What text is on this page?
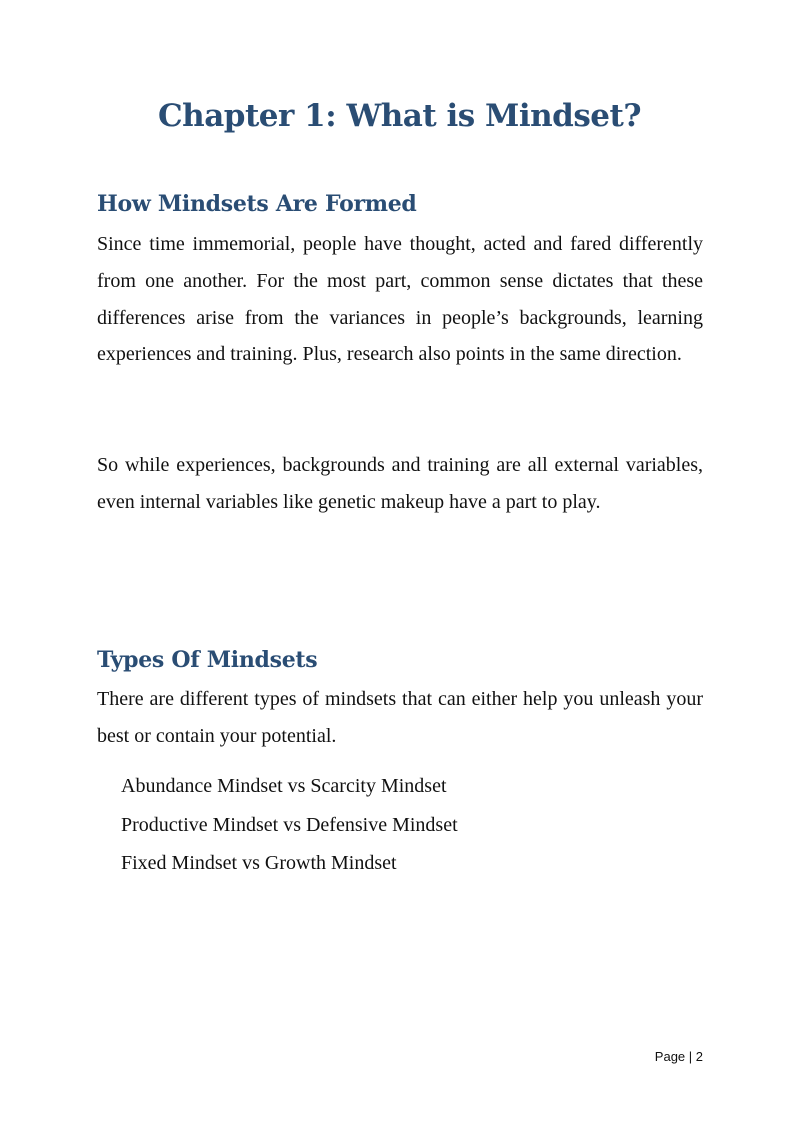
Chapter 1: What is Mindset?
How Mindsets Are Formed

Since time immemorial, people have thought, acted and fared differently from one another. For the most part, common sense dictates that these differences arise from the variances in people’s backgrounds, learning experiences and training. Plus, research also points in the same direction.

So while experiences, backgrounds and training are all external variables, even internal variables like genetic makeup have a part to play.

Types Of Mindsets

There are different types of mindsets that can either help you unleash your best or contain your potential.

Abundance Mindset vs Scarcity Mindset
Productive Mindset vs Defensive Mindset
Fixed Mindset vs Growth Mindset
Page | 2
